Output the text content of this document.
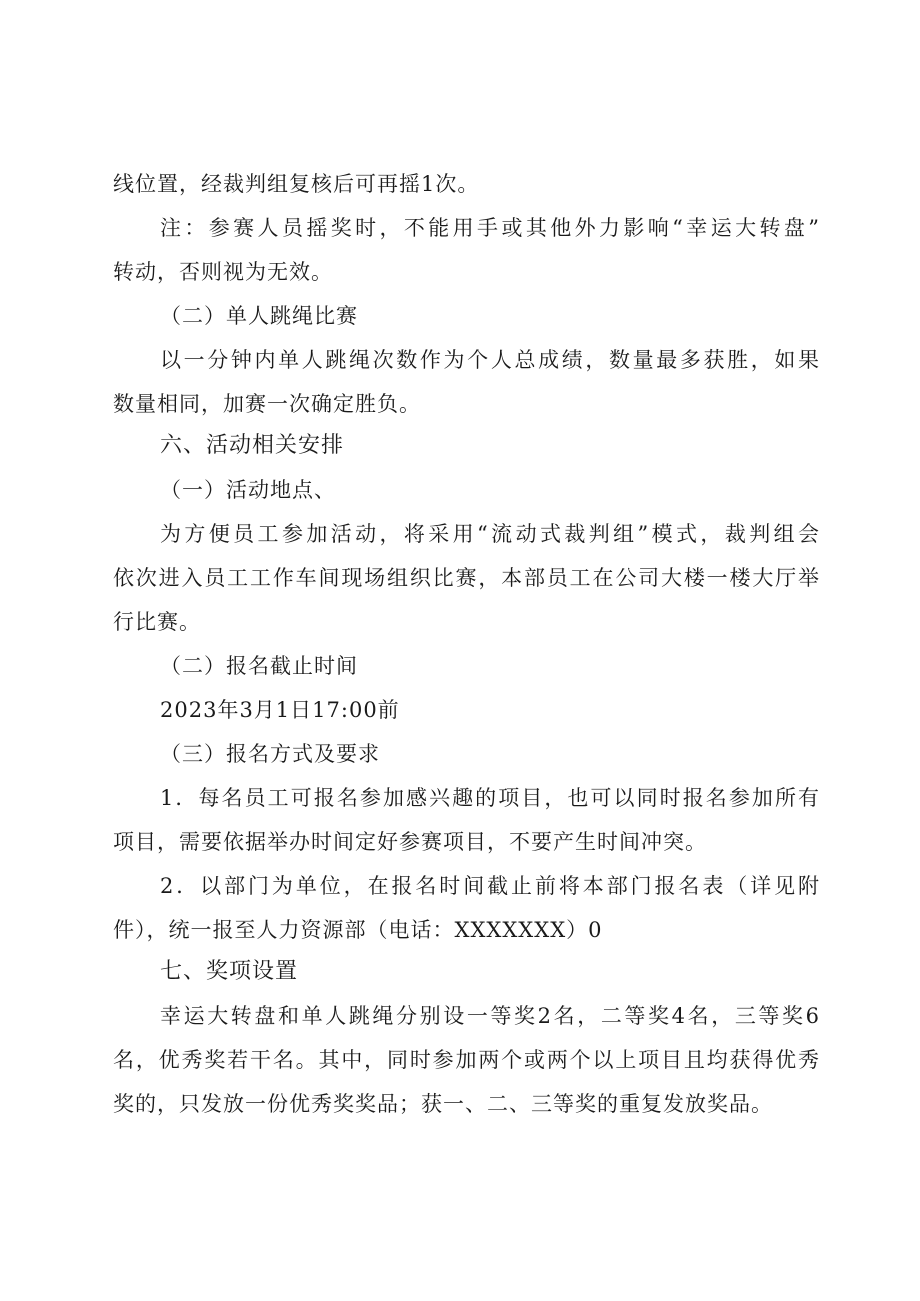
线位置，经裁判组复核后可再摇1次。
注：参赛人员摇奖时，不能用手或其他外力影响“幸运大转盘”
转动，否则视为无效。
（二）单人跳绳比赛
以一分钟内单人跳绳次数作为个人总成绩，数量最多获胜，如果
数量相同，加赛一次确定胜负。
六、活动相关安排
（一）活动地点、
为方便员工参加活动，将采用“流动式裁判组”模式，裁判组会
依次进入员工工作车间现场组织比赛，本部员工在公司大楼一楼大厅举
行比赛。
（二）报名截止时间
2023年3月1日17:00前
（三）报名方式及要求
1．每名员工可报名参加感兴趣的项目，也可以同时报名参加所有
项目，需要依据举办时间定好参赛项目，不要产生时间冲突。
2．以部门为单位，在报名时间截止前将本部门报名表（详见附
件），统一报至人力资源部（电话：XXXXXXX）0
七、奖项设置
幸运大转盘和单人跳绳分别设一等奖2名，二等奖4名，三等奖6
名，优秀奖若干名。其中，同时参加两个或两个以上项目且均获得优秀
奖的，只发放一份优秀奖奖品；获一、二、三等奖的重复发放奖品。
